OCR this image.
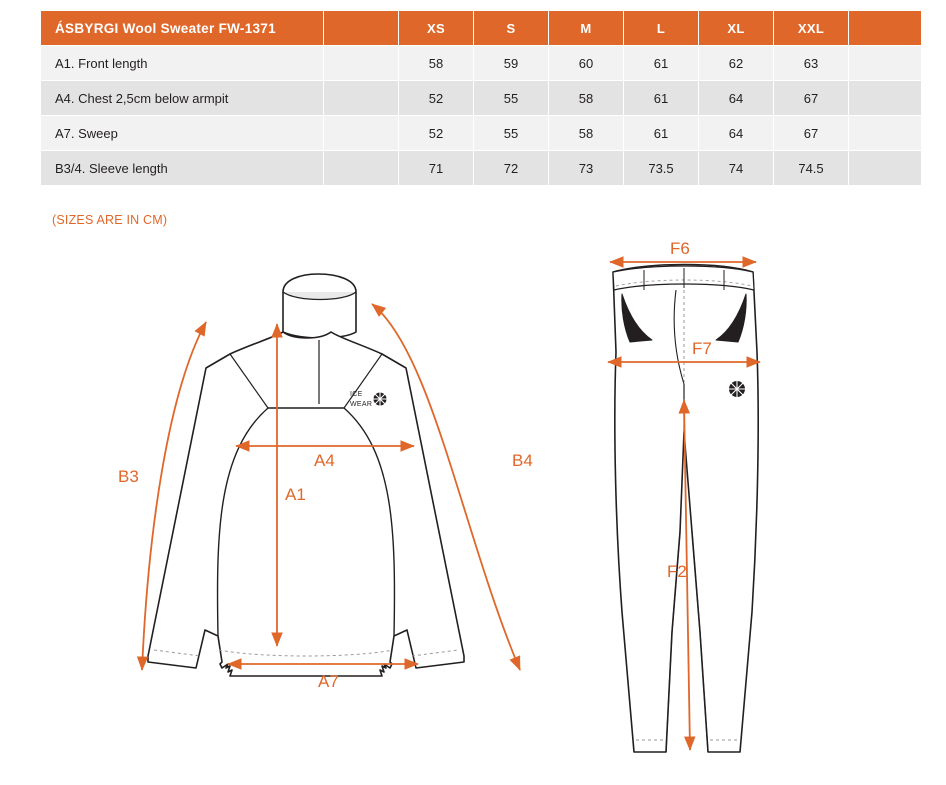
ÁSBYRGI Wool Sweater FW-1371		XS	S	M	L	XL	XXL	
A1. Front length		58	59	60	61	62	63	
A4. Chest 2,5cm below armpit		52	55	58	61	64	67	
A7. Sweep		52	55	58	61	64	67	
B3/4. Sleeve length		71	72	73	73.5	74	74.5	
(SIZES ARE IN CM)
ICE
WEAR
B3
B4
A4
A1
A7
F6
F7
F2
